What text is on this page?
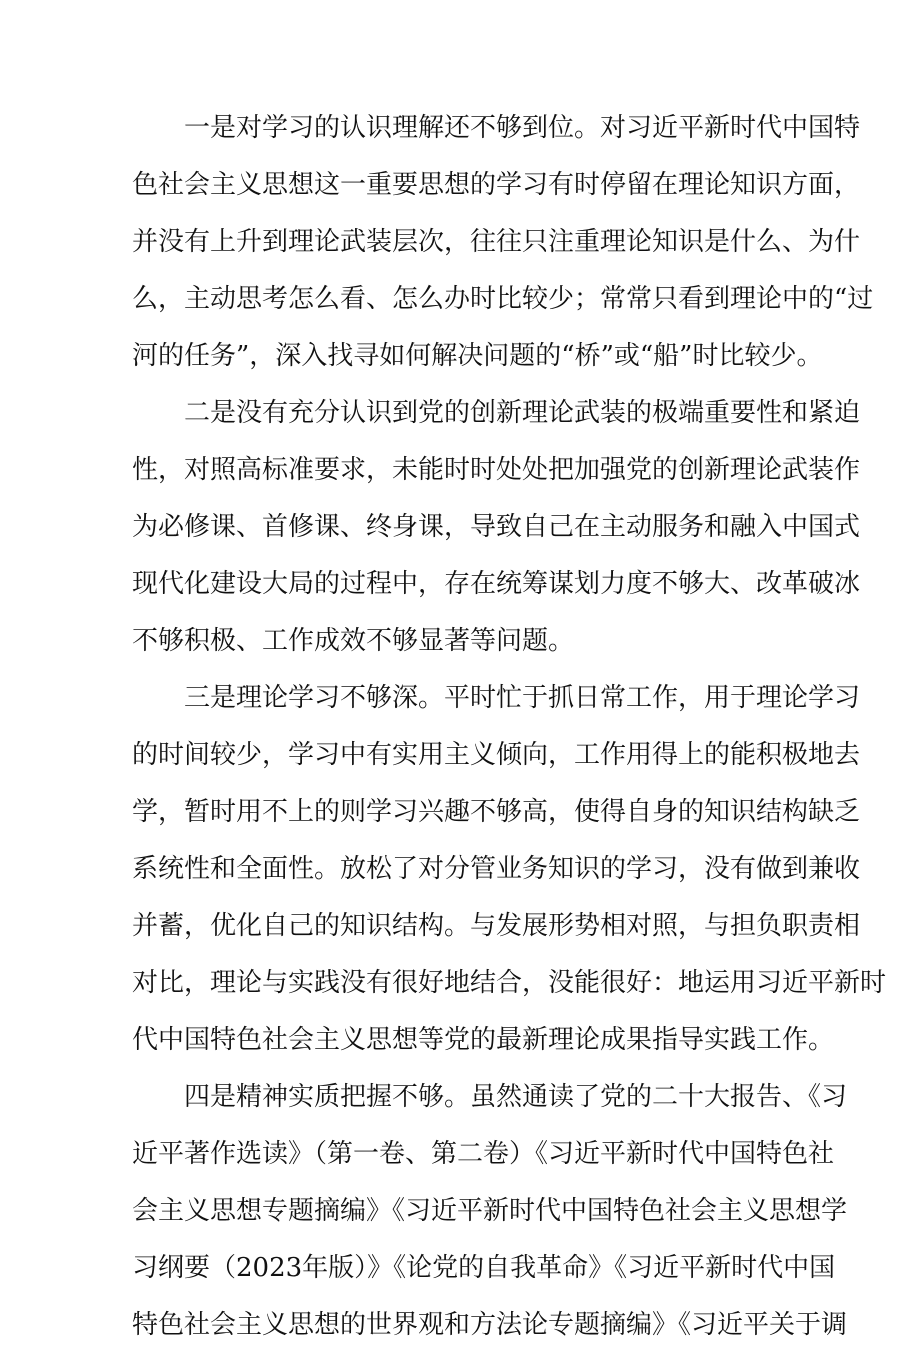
一是对学习的认识理解还不够到位。对习近平新时代中国特
色社会主义思想这一重要思想的学习有时停留在理论知识方面，
并没有上升到理论武装层次，往往只注重理论知识是什么、为什
么，主动思考怎么看、怎么办时比较少；常常只看到理论中的“过
河的任务”，深入找寻如何解决问题的“桥”或“船”时比较少。
二是没有充分认识到党的创新理论武装的极端重要性和紧迫
性，对照高标准要求，未能时时处处把加强党的创新理论武装作
为必修课、首修课、终身课，导致自己在主动服务和融入中国式
现代化建设大局的过程中，存在统筹谋划力度不够大、改革破冰
不够积极、工作成效不够显著等问题。
三是理论学习不够深。平时忙于抓日常工作，用于理论学习
的时间较少，学习中有实用主义倾向，工作用得上的能积极地去
学，暂时用不上的则学习兴趣不够高，使得自身的知识结构缺乏
系统性和全面性。放松了对分管业务知识的学习，没有做到兼收
并蓄，优化自己的知识结构。与发展形势相对照，与担负职责相
对比，理论与实践没有很好地结合，没能很好：地运用习近平新时
代中国特色社会主义思想等党的最新理论成果指导实践工作。
四是精神实质把握不够。虽然通读了党的二十大报告、《习
近平著作选读》（第一卷、第二卷）《习近平新时代中国特色社
会主义思想专题摘编》《习近平新时代中国特色社会主义思想学
习纲要（2023年版）》《论党的自我革命》《习近平新时代中国
特色社会主义思想的世界观和方法论专题摘编》《习近平关于调
